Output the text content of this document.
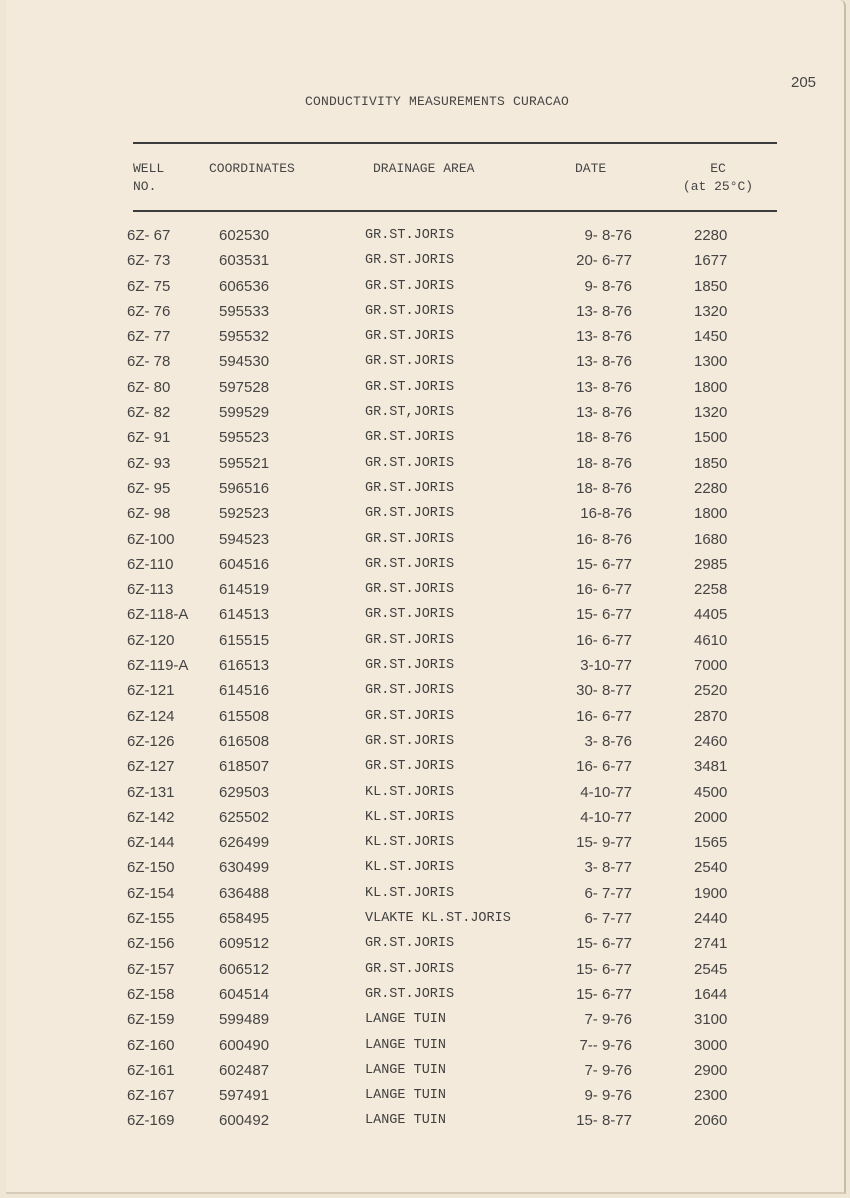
205
CONDUCTIVITY MEASUREMENTS CURACAO
WELL
NO.
COORDINATES	DRAINAGE AREA	DATE	EC
(at 25°C)
6Z- 67	602530	GR.ST.JORIS	9- 8-76	2280
6Z- 73	603531	GR.ST.JORIS	20- 6-77	1677
6Z- 75	606536	GR.ST.JORIS	9- 8-76	1850
6Z- 76	595533	GR.ST.JORIS	13- 8-76	1320
6Z- 77	595532	GR.ST.JORIS	13- 8-76	1450
6Z- 78	594530	GR.ST.JORIS	13- 8-76	1300
6Z- 80	597528	GR.ST.JORIS	13- 8-76	1800
6Z- 82	599529	GR.ST,JORIS	13- 8-76	1320
6Z- 91	595523	GR.ST.JORIS	18- 8-76	1500
6Z- 93	595521	GR.ST.JORIS	18- 8-76	1850
6Z- 95	596516	GR.ST.JORIS	18- 8-76	2280
6Z- 98	592523	GR.ST.JORIS	16-8-76	1800
6Z-100	594523	GR.ST.JORIS	16- 8-76	1680
6Z-110	604516	GR.ST.JORIS	15- 6-77	2985
6Z-113	614519	GR.ST.JORIS	16- 6-77	2258
6Z-118-A 614513	GR.ST.JORIS	15- 6-77	4405
6Z-120	615515	GR.ST.JORIS	16- 6-77	4610
6Z-119-A 616513	GR.ST.JORIS	3-10-77	7000
6Z-121	614516	GR.ST.JORIS	30- 8-77	2520
6Z-124	615508	GR.ST.JORIS	16- 6-77	2870
6Z-126	616508	GR.ST.JORIS	3- 8-76	2460
6Z-127	618507	GR.ST.JORIS	16- 6-77	3481
6Z-131	629503	KL.ST.JORIS	4-10-77	4500
6Z-142	625502	KL.ST.JORIS	4-10-77	2000
6Z-144	626499	KL.ST.JORIS	15- 9-77	1565
6Z-150	630499	KL.ST.JORIS	3- 8-77	2540
6Z-154	636488	KL.ST.JORIS	6- 7-77	1900
6Z-155	658495	VLAKTE KL.ST.JORIS	6- 7-77	2440
6Z-156	609512	GR.ST.JORIS	15- 6-77	2741
6Z-157	606512	GR.ST.JORIS	15- 6-77	2545
6Z-158	604514	GR.ST.JORIS	15- 6-77	1644
6Z-159	599489	LANGE TUIN	7- 9-76	3100
6Z-160	600490	LANGE TUIN	7-- 9-76	3000
6Z-161	602487	LANGE TUIN	7- 9-76	2900
6Z-167	597491	LANGE TUIN	9- 9-76	2300
6Z-169	600492	LANGE TUIN	15- 8-77	2060
